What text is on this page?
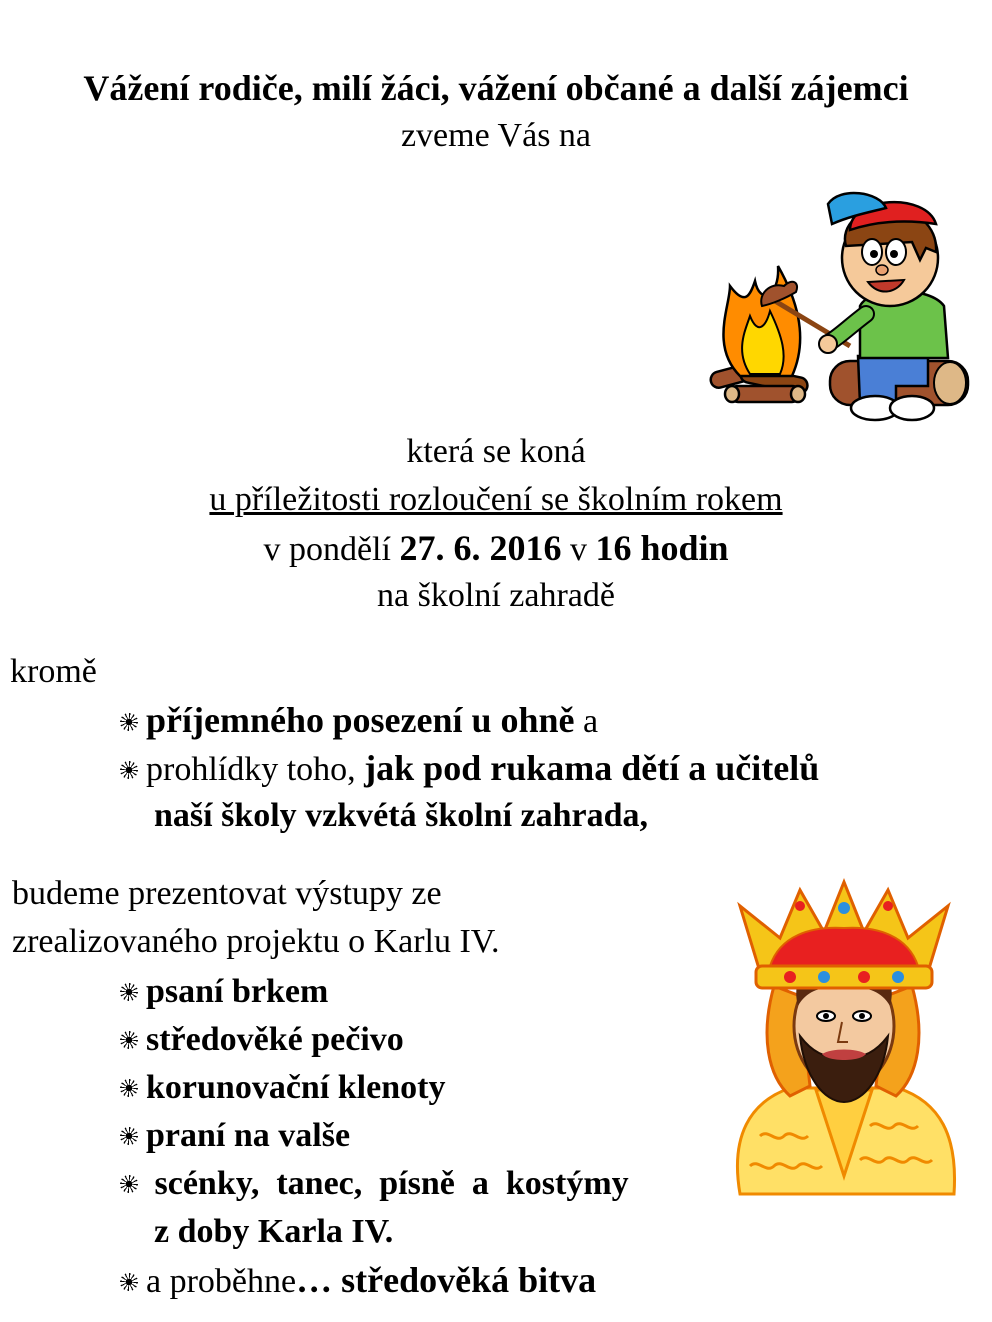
Vážení rodiče, milí žáci, vážení občané a další zájemci
zveme Vás na
která se koná
u příležitosti rozloučení se školním rokem
v pondělí 27. 6. 2016 v 16 hodin
na školní zahradě
kromě
příjemného posezení u ohně a
prohlídky toho, jak pod rukama dětí a učitelů
naší školy vzkvétá školní zahrada,
budeme prezentovat výstupy ze
zrealizovaného projektu o Karlu IV.
psaní brkem
středověké pečivo
korunovační klenoty
praní na valše
scénky,  tanec,  písně  a  kostýmy
z doby Karla IV.
a proběhne… středověká bitva
